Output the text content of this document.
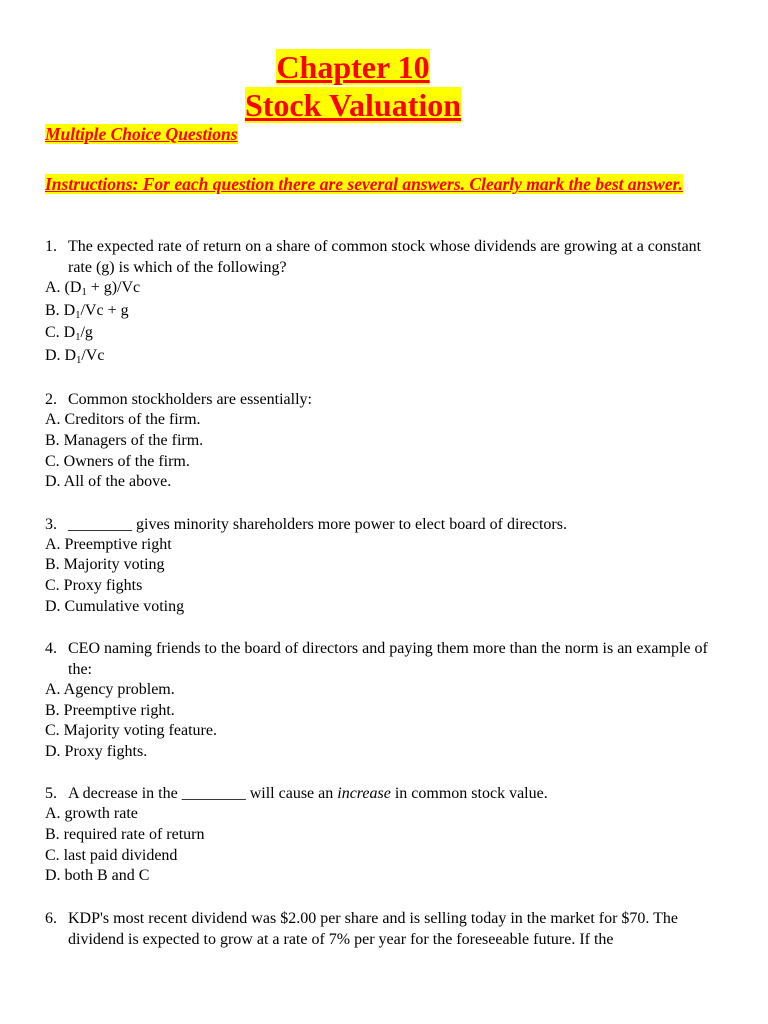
Chapter 10
Stock Valuation
Multiple Choice Questions
Instructions: For each question there are several answers. Clearly mark the best answer.
1. The expected rate of return on a share of common stock whose dividends are growing at a constant rate (g) is which of the following?
A. $(D_1 + g)/Vc$
B. $D_1/Vc + g$
C. $D_1/g$
D. $D_1/Vc$
2. Common stockholders are essentially:
A. Creditors of the firm.
B. Managers of the firm.
C. Owners of the firm.
D. All of the above.
3. ________ gives minority shareholders more power to elect board of directors.
A. Preemptive right
B. Majority voting
C. Proxy fights
D. Cumulative voting
4. CEO naming friends to the board of directors and paying them more than the norm is an example of the:
A. Agency problem.
B. Preemptive right.
C. Majority voting feature.
D. Proxy fights.
5. A decrease in the ________ will cause an increase in common stock value.
A. growth rate
B. required rate of return
C. last paid dividend
D. both B and C
6. KDP's most recent dividend was $2.00 per share and is selling today in the market for $70. The dividend is expected to grow at a rate of 7% per year for the foreseeable future. If the
